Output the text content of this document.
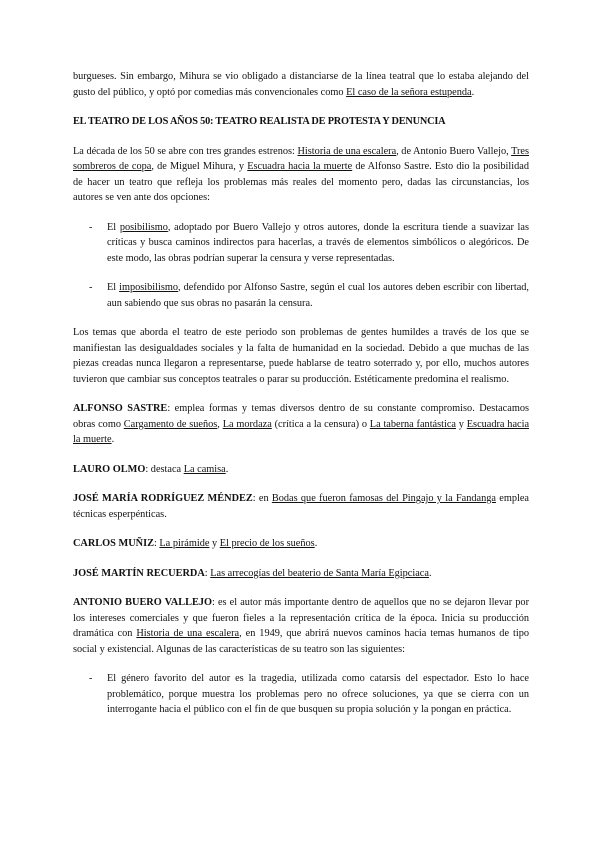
burgueses. Sin embargo, Mihura se vio obligado a distanciarse de la línea teatral que lo estaba alejando del gusto del público, y optó por comedias más convencionales como El caso de la señora estupenda.

EL TEATRO DE LOS AÑOS 50: TEATRO REALISTA DE PROTESTA Y DENUNCIA

La década de los 50 se abre con tres grandes estrenos: Historia de una escalera, de Antonio Buero Vallejo, Tres sombreros de copa, de Miguel Mihura, y Escuadra hacia la muerte de Alfonso Sastre. Esto dio la posibilidad de hacer un teatro que refleja los problemas más reales del momento pero, dadas las circunstancias, los autores se ven ante dos opciones:

- El posibilismo, adoptado por Buero Vallejo y otros autores, donde la escritura tiende a suavizar las críticas y busca caminos indirectos para hacerlas, a través de elementos simbólicos o alegóricos. De este modo, las obras podrían superar la censura y verse representadas.
- El imposibilismo, defendido por Alfonso Sastre, según el cual los autores deben escribir con libertad, aun sabiendo que sus obras no pasarán la censura.

Los temas que aborda el teatro de este periodo son problemas de gentes humildes a través de los que se manifiestan las desigualdades sociales y la falta de humanidad en la sociedad. Debido a que muchas de las piezas creadas nunca llegaron a representarse, puede hablarse de teatro soterrado y, por ello, muchos autores tuvieron que cambiar sus conceptos teatrales o parar su producción. Estéticamente predomina el realismo.

ALFONSO SASTRE: emplea formas y temas diversos dentro de su constante compromiso. Destacamos obras como Cargamento de sueños, La mordaza (crítica a la censura) o La taberna fantástica y Escuadra hacia la muerte.

LAURO OLMO: destaca La camisa.

JOSÉ MARÍA RODRÍGUEZ MÉNDEZ: en Bodas que fueron famosas del Pingajo y la Fandanga emplea técnicas esperpénticas.

CARLOS MUÑIZ: La pirámide y El precio de los sueños.

JOSÉ MARTÍN RECUERDA: Las arrecogías del beaterio de Santa María Egipciaca.

ANTONIO BUERO VALLEJO: es el autor más importante dentro de aquellos que no se dejaron llevar por los intereses comerciales y que fueron fieles a la representación crítica de la época. Inicia su producción dramática con Historia de una escalera, en 1949, que abrirá nuevos caminos hacia temas humanos de tipo social y existencial. Algunas de las características de su teatro son las siguientes:

- El género favorito del autor es la tragedia, utilizada como catarsis del espectador. Esto lo hace problemático, porque muestra los problemas pero no ofrece soluciones, ya que se cierra con un interrogante hacia el público con el fin de que busquen su propia solución y la pongan en práctica.
